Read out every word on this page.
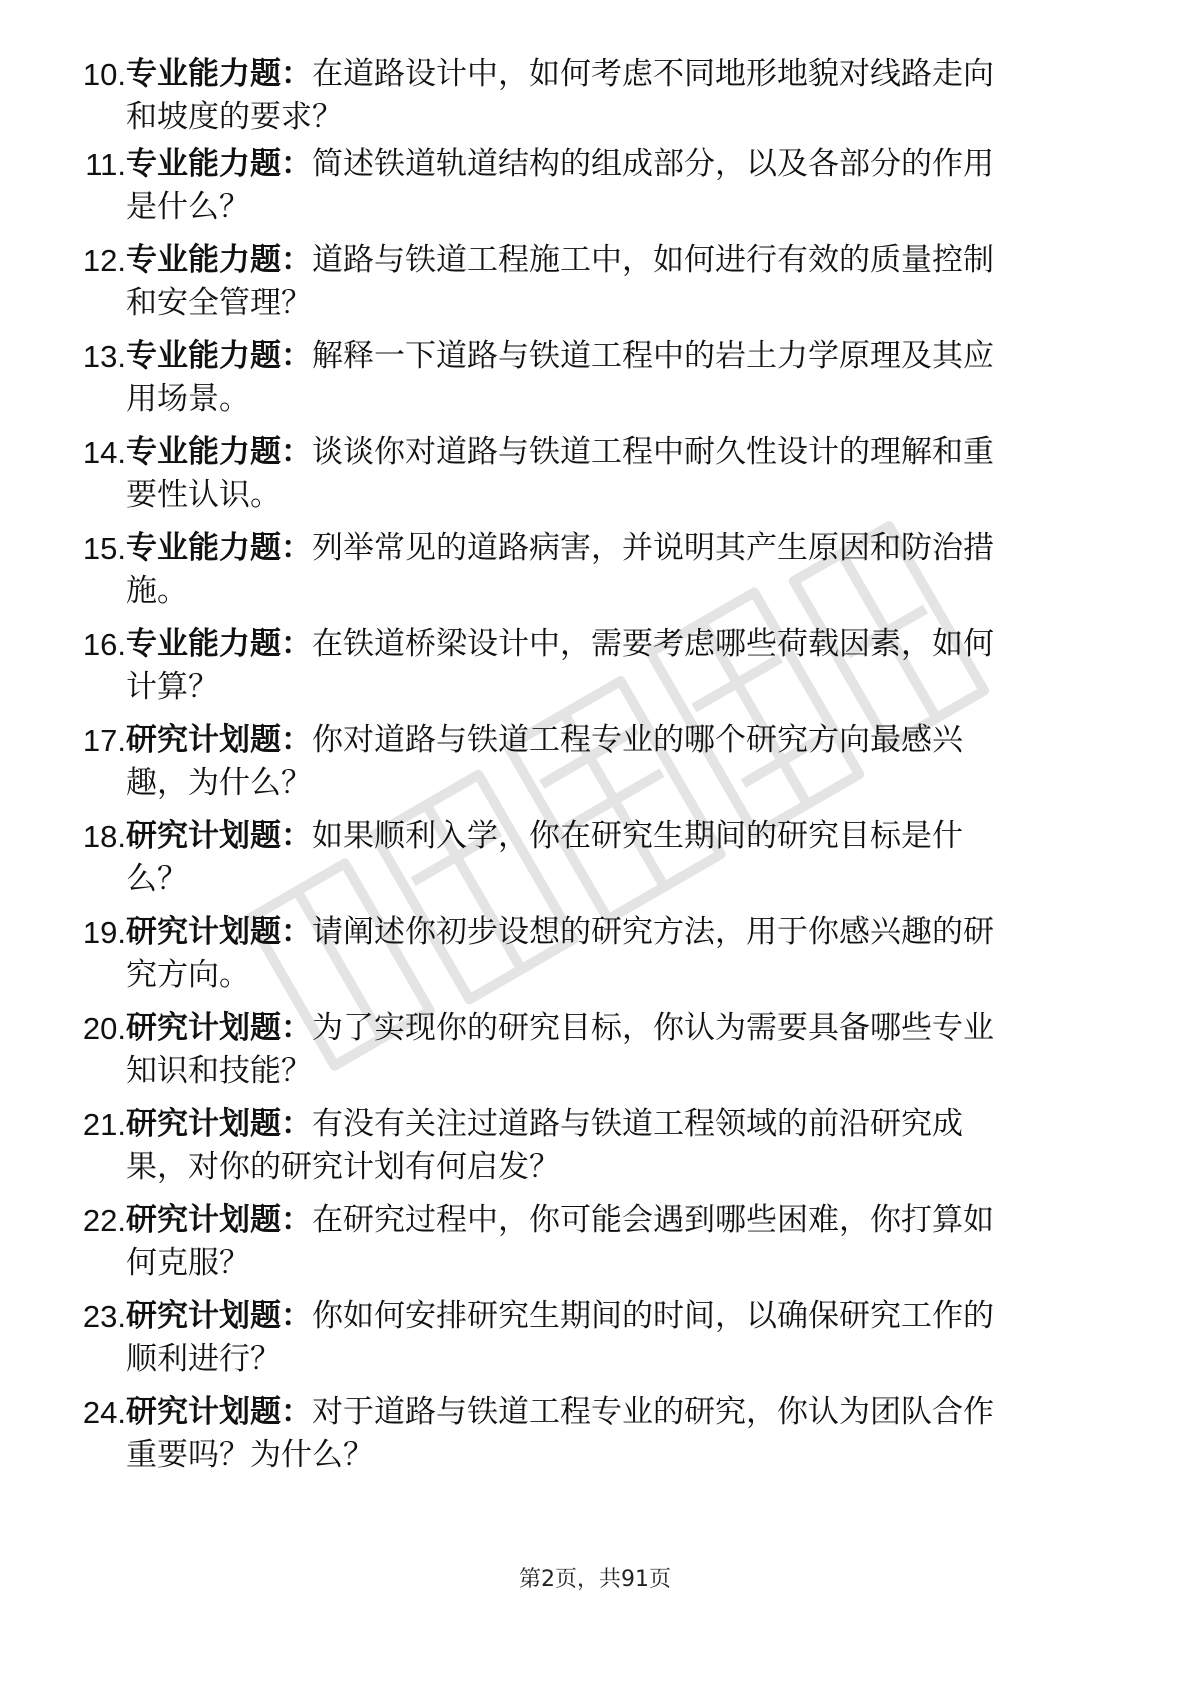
10. 专业能力题：在道路设计中，如何考虑不同地形地貌对线路走向
和坡度的要求？
11. 专业能力题：简述铁道轨道结构的组成部分，以及各部分的作用
是什么？
12. 专业能力题：道路与铁道工程施工中，如何进行有效的质量控制
和安全管理？
13. 专业能力题：解释一下道路与铁道工程中的岩土力学原理及其应
用场景。
14. 专业能力题：谈谈你对道路与铁道工程中耐久性设计的理解和重
要性认识。
15. 专业能力题：列举常见的道路病害，并说明其产生原因和防治措
施。
16. 专业能力题：在铁道桥梁设计中，需要考虑哪些荷载因素，如何
计算？
17. 研究计划题：你对道路与铁道工程专业的哪个研究方向最感兴
趣，为什么？
18. 研究计划题：如果顺利入学，你在研究生期间的研究目标是什
么？
19. 研究计划题：请阐述你初步设想的研究方法，用于你感兴趣的研
究方向。
20. 研究计划题：为了实现你的研究目标，你认为需要具备哪些专业
知识和技能？
21. 研究计划题：有没有关注过道路与铁道工程领域的前沿研究成
果，对你的研究计划有何启发？
22. 研究计划题：在研究过程中，你可能会遇到哪些困难，你打算如
何克服？
23. 研究计划题：你如何安排研究生期间的时间，以确保研究工作的
顺利进行？
24. 研究计划题：对于道路与铁道工程专业的研究，你认为团队合作
重要吗？为什么？
第2页，共91页
